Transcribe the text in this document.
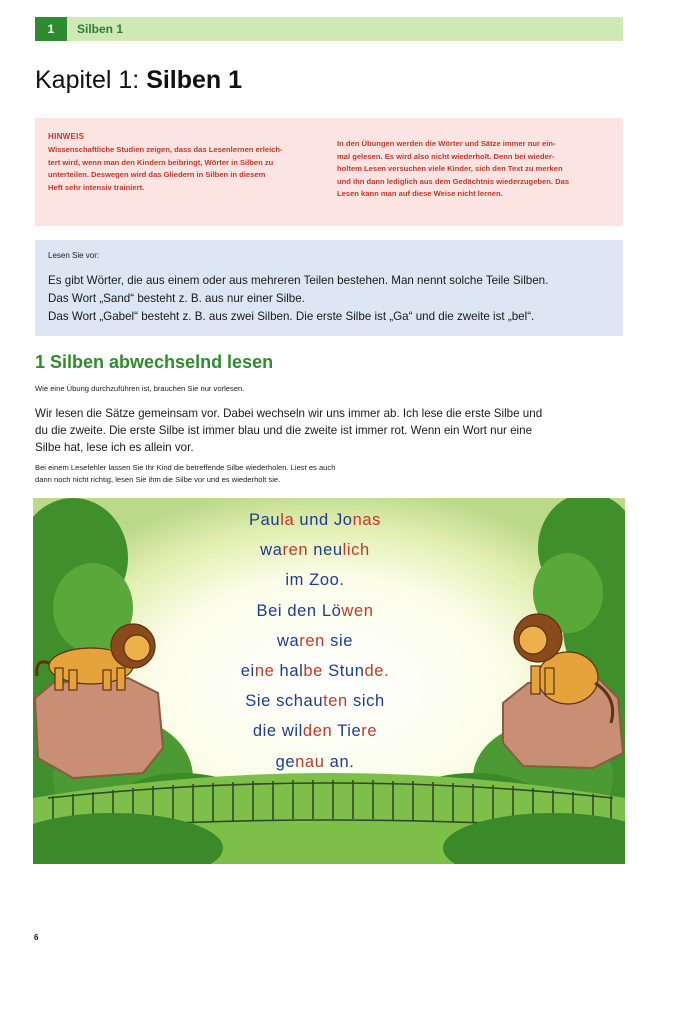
1	Silben 1
Kapitel 1: Silben 1
HINWEIS
Wissenschaftliche Studien zeigen, dass das Lesenlernen erleich-
tert wird, wenn man den Kindern beibringt, Wörter in Silben zu
unterteilen. Deswegen wird das Gliedern in Silben in diesem
Heft sehr intensiv trainiert.
In den Übungen werden die Wörter und Sätze immer nur ein-
mal gelesen. Es wird also nicht wiederholt. Denn bei wieder-
holtem Lesen versuchen viele Kinder, sich den Text zu merken
und ihn dann lediglich aus dem Gedächtnis wiederzugeben. Das
Lesen kann man auf diese Weise nicht lernen.
Lesen Sie vor:
Es gibt Wörter, die aus einem oder aus mehreren Teilen bestehen. Man nennt solche Teile Silben.
Das Wort „Sand“ besteht z. B. aus nur einer Silbe.
Das Wort „Gabel“ besteht z. B. aus zwei Silben. Die erste Silbe ist „Ga“ und die zweite ist „bel“.
1 Silben abwechselnd lesen
Wie eine Übung durchzuführen ist, brauchen Sie nur vorlesen.
Wir lesen die Sätze gemeinsam vor. Dabei wechseln wir uns immer ab. Ich lese die erste Silbe und
du die zweite. Die erste Silbe ist immer blau und die zweite ist immer rot. Wenn ein Wort nur eine
Silbe hat, lese ich es allein vor.
Bei einem Lesefehler lassen Sie Ihr Kind die betreffende Silbe wiederholen. Liest es auch
dann noch nicht richtig, lesen Sie ihm die Silbe vor und es wiederholt sie.
Paula und Jonas
waren neulich
im Zoo.
Bei den Löwen
waren sie
eine halbe Stunde.
Sie schauten sich
die wilden Tiere
genau an.
6
